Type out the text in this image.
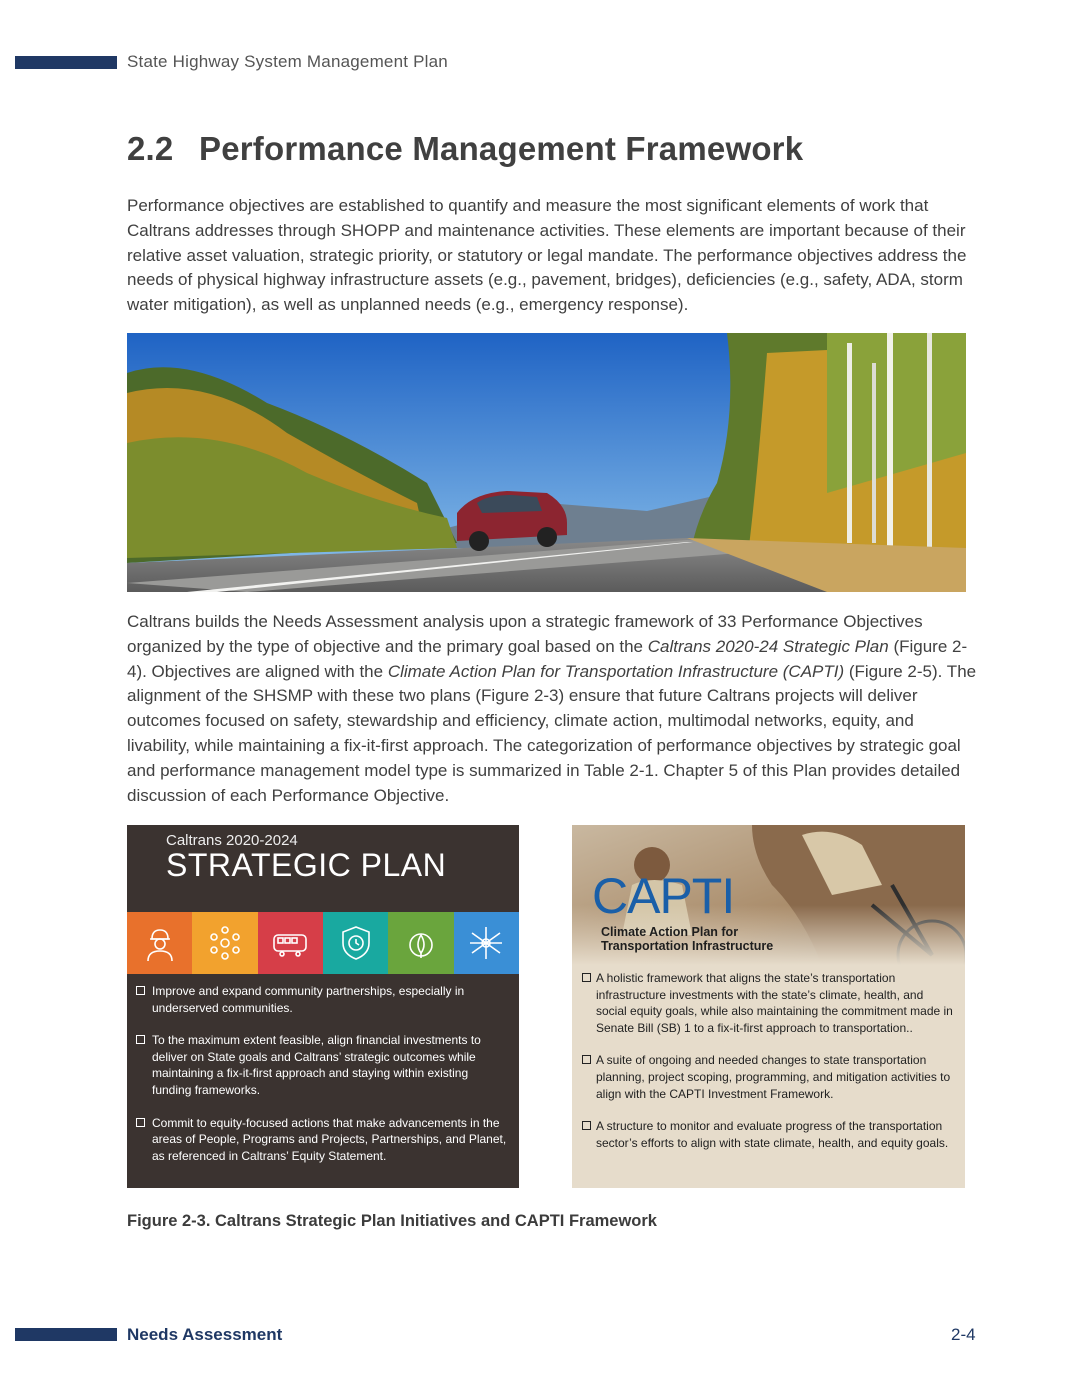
State Highway System Management Plan
2.2 Performance Management Framework
Performance objectives are established to quantify and measure the most significant elements of work that Caltrans addresses through SHOPP and maintenance activities. These elements are important because of their relative asset valuation, strategic priority, or statutory or legal mandate. The performance objectives address the needs of physical highway infrastructure assets (e.g., pavement, bridges), deficiencies (e.g., safety, ADA, storm water mitigation), as well as unplanned needs (e.g., emergency response).
Caltrans builds the Needs Assessment analysis upon a strategic framework of 33 Performance Objectives organized by the type of objective and the primary goal based on the Caltrans 2020-24 Strategic Plan (Figure 2-4). Objectives are aligned with the Climate Action Plan for Transportation Infrastructure (CAPTI) (Figure 2-5). The alignment of the SHSMP with these two plans (Figure 2-3) ensure that future Caltrans projects will deliver outcomes focused on safety, stewardship and efficiency, climate action, multimodal networks, equity, and livability, while maintaining a fix-it-first approach. The categorization of performance objectives by strategic goal and performance management model type is summarized in Table 2-1. Chapter 5 of this Plan provides detailed discussion of each Performance Objective.
Caltrans 2020-2024
STRATEGIC PLAN
Improve and expand community partnerships, especially in underserved communities.
To the maximum extent feasible, align financial investments to deliver on State goals and Caltrans’ strategic outcomes while maintaining a fix-it-first approach and staying within existing funding frameworks.
Commit to equity-focused actions that make advancements in the areas of People, Programs and Projects, Partnerships, and Planet, as referenced in Caltrans’ Equity Statement.
CAPTI
Climate Action Plan for
Transportation Infrastructure
A holistic framework that aligns the state’s transportation infrastructure investments with the state’s climate, health, and social equity goals, while also maintaining the commitment made in Senate Bill (SB) 1 to a fix-it-first approach to transportation..
A suite of ongoing and needed changes to state transportation planning, project scoping, programming, and mitigation activities to align with the CAPTI Investment Framework.
A structure to monitor and evaluate progress of the transportation sector’s efforts to align with state climate, health, and equity goals.
Figure 2-3. Caltrans Strategic Plan Initiatives and CAPTI Framework
Needs Assessment	2-4
